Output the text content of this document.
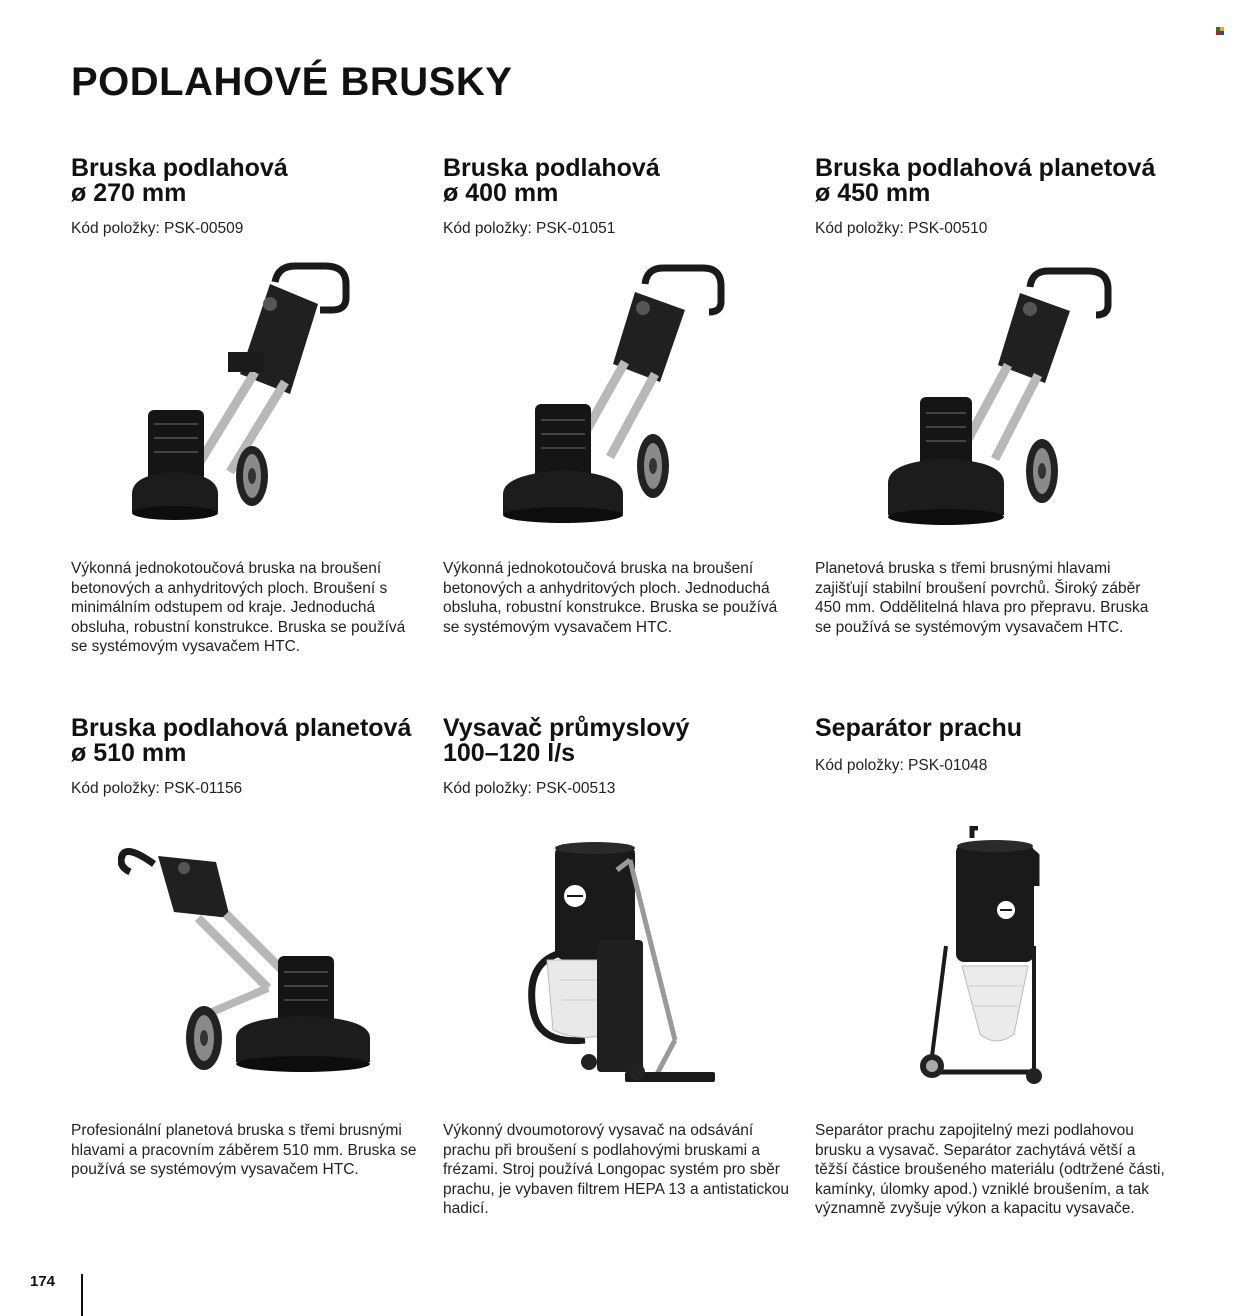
PODLAHOVÉ BRUSKY
Bruska podlahová
ø 270 mm
Kód položky: PSK-00509
Výkonná jednokotoučová bruska na broušení betonových a anhydritových ploch. Broušení s minimálním odstupem od kraje. Jednoduchá obsluha, robustní konstrukce. Bruska se používá se systémovým vysavačem HTC.
Bruska podlahová
ø 400 mm
Kód položky: PSK-01051
Výkonná jednokotoučová bruska na broušení betonových a anhydritových ploch. Jednoduchá obsluha, robustní konstrukce. Bruska se používá se systémovým vysavačem HTC.
Bruska podlahová planetová
ø 450 mm
Kód položky: PSK-00510
Planetová bruska s třemi brusnými hlavami zajišťují stabilní broušení povrchů. Široký záběr 450 mm. Oddělitelná hlava pro přepravu. Bruska se používá se systémovým vysavačem HTC.
Bruska podlahová planetová
ø 510 mm
Kód položky: PSK-01156
Profesionální planetová bruska s třemi brusnými hlavami a pracovním záběrem 510 mm. Bruska se používá se systémovým vysavačem HTC.
Vysavač průmyslový
100–120 l/s
Kód položky: PSK-00513
Výkonný dvoumotorový vysavač na odsávání prachu při broušení s podlahovými bruskami a frézami. Stroj používá Longopac systém pro sběr prachu, je vybaven filtrem HEPA 13 a antistatickou hadicí.
Separátor prachu
Kód položky: PSK-01048
Separátor prachu zapojitelný mezi podlahovou brusku a vysavač. Separátor zachytává větší a těžší částice broušeného materiálu (odtržené části, kamínky, úlomky apod.) vzniklé broušením, a tak významně zvyšuje výkon a kapacitu vysavače.
174
